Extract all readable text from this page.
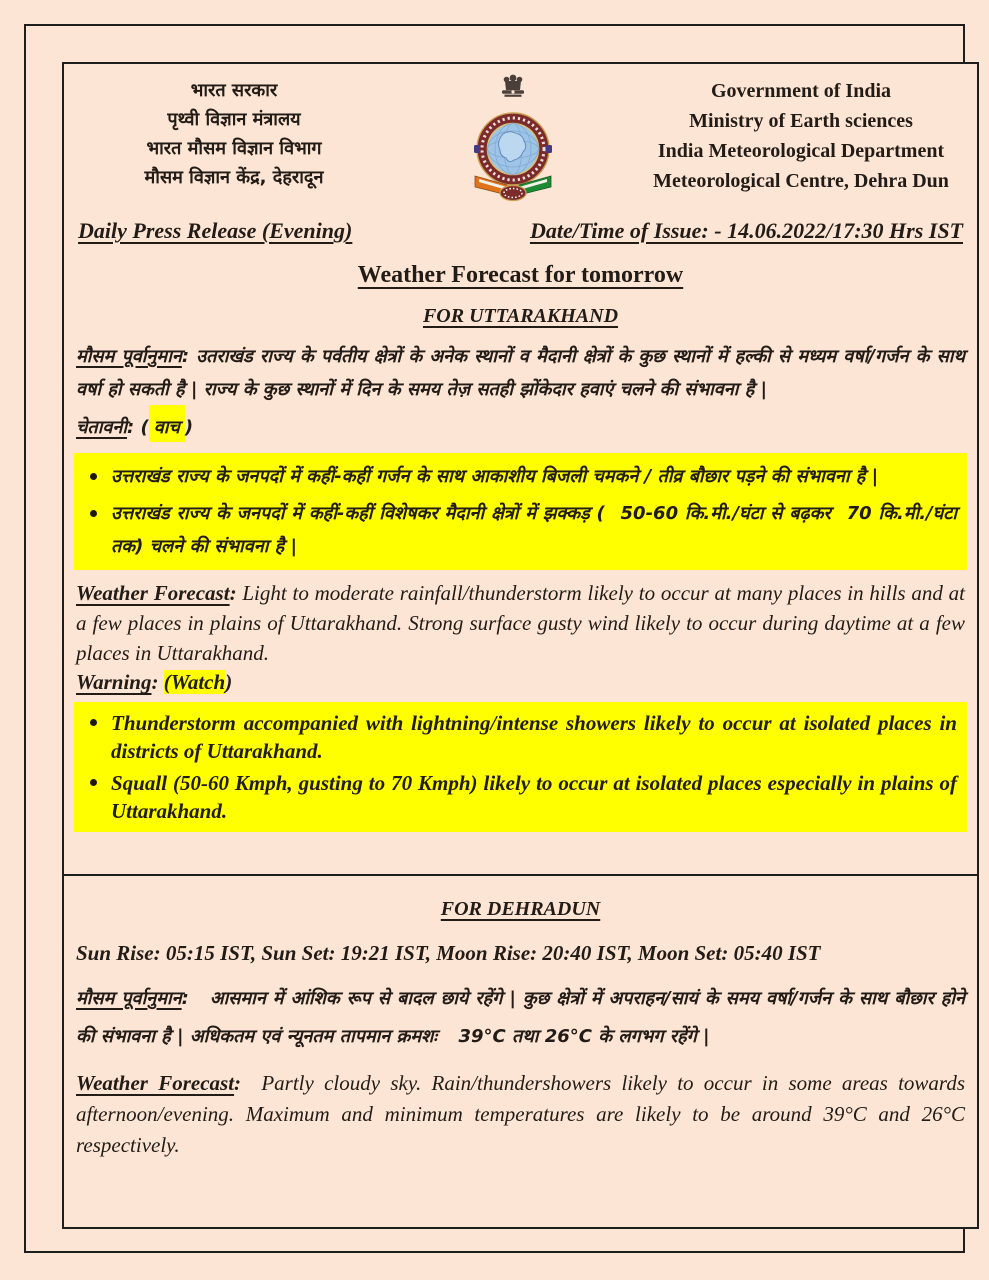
भारत सरकार
पृथ्वी विज्ञान मंत्रालय
भारत मौसम विज्ञान विभाग
मौसम विज्ञान केंद्र, देहरादून
Government of India
Ministry of Earth sciences
India Meteorological Department
Meteorological Centre, Dehra Dun
Daily Press Release (Evening)	Date/Time of Issue: - 14.06.2022/17:30 Hrs IST
Weather Forecast for tomorrow
FOR UTTARAKHAND
मौसम पूर्वानुमान: उतराखंड राज्य के पर्वतीय क्षेत्रों के अनेक स्थानों व मैदानी क्षेत्रों के कुछ स्थानों में हल्की से मध्यम वर्षा/गर्जन के साथ वर्षा हो सकती है | राज्य के कुछ स्थानों में दिन के समय तेज़ सतही झोंकेदार हवाएं चलने की संभावना है |
चेतावनी: ( वाच )
उत्तराखंड राज्य के जनपदों में कहीं-कहीं गर्जन के साथ आकाशीय बिजली चमकने / तीव्र बौछार पड़ने की संभावना है |
उत्तराखंड राज्य के जनपदों में कहीं-कहीं विशेषकर मैदानी क्षेत्रों में झक्कड़ (  50-60 कि.मी./घंटा से बढ़कर  70 कि.मी./घंटा तक) चलने की संभावना है |
Weather Forecast: Light to moderate rainfall/thunderstorm likely to occur at many places in hills and at a few places in plains of Uttarakhand. Strong surface gusty wind likely to occur during daytime at a few places in Uttarakhand.
Warning: (Watch)
Thunderstorm accompanied with lightning/intense showers likely to occur at isolated places in districts of Uttarakhand.
Squall (50-60 Kmph, gusting to 70 Kmph) likely to occur at isolated places especially in plains of Uttarakhand.
FOR DEHRADUN
Sun Rise: 05:15 IST, Sun Set: 19:21 IST, Moon Rise: 20:40 IST, Moon Set: 05:40 IST
मौसम पूर्वानुमान: आसमान में आंशिक रूप से बादल छाये रहेंगे | कुछ क्षेत्रों में अपराहन/सायं के समय वर्षा/गर्जन के साथ बौछार होने की संभावना है | अधिकतम एवं न्यूनतम तापमान क्रमशः   39°C तथा 26°C के लगभग रहेंगे |
Weather Forecast: Partly cloudy sky. Rain/thundershowers likely to occur in some areas towards afternoon/evening. Maximum and minimum temperatures are likely to be around 39°C and 26°C respectively.
